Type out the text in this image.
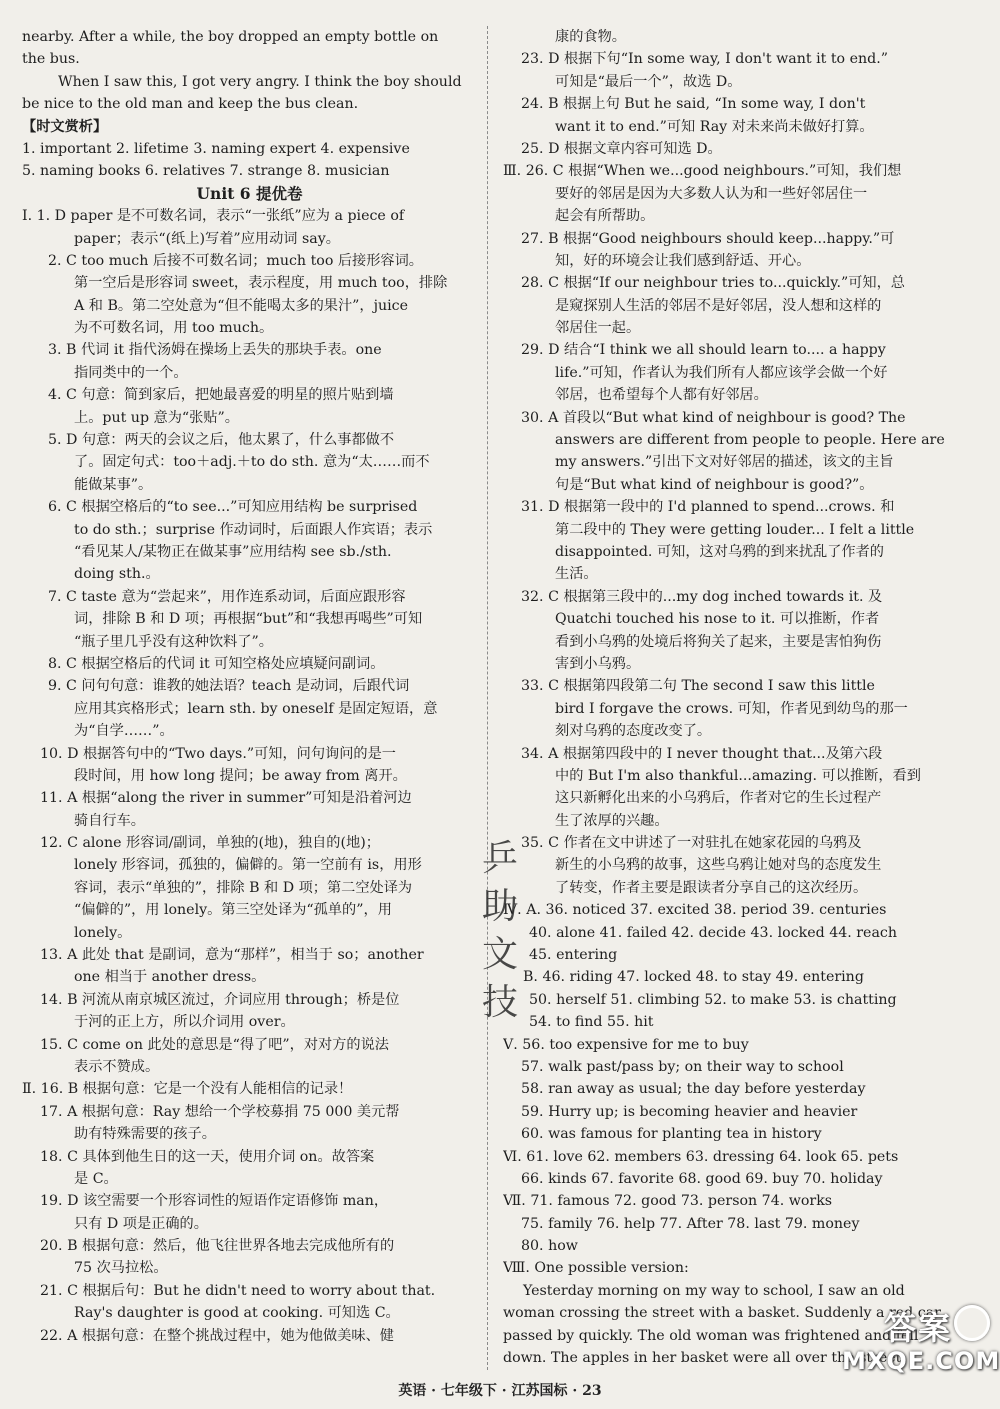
nearby. After a while, the boy dropped an empty bottle on
the bus.
When I saw this, I got very angry. I think the boy should
be nice to the old man and keep the bus clean.
【时文赏析】
1. important 2. lifetime 3. naming expert 4. expensive
5. naming books 6. relatives 7. strange 8. musician
Unit 6 提优卷
Ⅰ. 1. D paper 是不可数名词，表示“一张纸”应为 a piece of
paper；表示“(纸上)写着”应用动词 say。
2. C too much 后接不可数名词；much too 后接形容词。
第一空后是形容词 sweet，表示程度，用 much too，排除
A 和 B。第二空处意为“但不能喝太多的果汁”，juice
为不可数名词，用 too much。
3. B 代词 it 指代汤姆在操场上丢失的那块手表。one
指同类中的一个。
4. C 句意：简到家后，把她最喜爱的明星的照片贴到墙
上。put up 意为“张贴”。
5. D 句意：两天的会议之后，他太累了，什么事都做不
了。固定句式：too＋adj.＋to do sth. 意为“太……而不
能做某事”。
6. C 根据空格后的“to see...”可知应用结构 be surprised
to do sth.；surprise 作动词时，后面跟人作宾语；表示
“看见某人/某物正在做某事”应用结构 see sb./sth.
doing sth.。
7. C taste 意为“尝起来”，用作连系动词，后面应跟形容
词，排除 B 和 D 项；再根据“but”和“我想再喝些”可知
“瓶子里几乎没有这种饮料了”。
8. C 根据空格后的代词 it 可知空格处应填疑问副词。
9. C 问句句意：谁教的她法语？teach 是动词，后跟代词
应用其宾格形式；learn sth. by oneself 是固定短语，意
为“自学……”。
10. D 根据答句中的“Two days.”可知，问句询问的是一
段时间，用 how long 提问；be away from 离开。
11. A 根据“along the river in summer”可知是沿着河边
骑自行车。
12. C alone 形容词/副词，单独的(地)，独自的(地)；
lonely 形容词，孤独的，偏僻的。第一空前有 is，用形
容词，表示“单独的”，排除 B 和 D 项；第二空处译为
“偏僻的”，用 lonely。第三空处译为“孤单的”，用
lonely。
13. A 此处 that 是副词，意为“那样”，相当于 so；another
one 相当于 another dress。
14. B 河流从南京城区流过，介词应用 through；桥是位
于河的正上方，所以介词用 over。
15. C come on 此处的意思是“得了吧”，对对方的说法
表示不赞成。
Ⅱ. 16. B 根据句意：它是一个没有人能相信的记录！
17. A 根据句意：Ray 想给一个学校募捐 75 000 美元帮
助有特殊需要的孩子。
18. C 具体到他生日的这一天，使用介词 on。故答案
是 C。
19. D 该空需要一个形容词性的短语作定语修饰 man，
只有 D 项是正确的。
20. B 根据句意：然后，他飞往世界各地去完成他所有的
75 次马拉松。
21. C 根据后句：But he didn't need to worry about that.
Ray's daughter is good at cooking. 可知选 C。
22. A 根据句意：在整个挑战过程中，她为他做美味、健
康的食物。
23. D 根据下句“In some way, I don't want it to end.”
可知是“最后一个”，故选 D。
24. B 根据上句 But he said, “In some way, I don't
want it to end.”可知 Ray 对未来尚未做好打算。
25. D 根据文章内容可知选 D。
Ⅲ. 26. C 根据“When we...good neighbours.”可知，我们想
要好的邻居是因为大多数人认为和一些好邻居住一
起会有所帮助。
27. B 根据“Good neighbours should keep...happy.”可
知，好的环境会让我们感到舒适、开心。
28. C 根据“If our neighbour tries to...quickly.”可知，总
是窥探别人生活的邻居不是好邻居，没人想和这样的
邻居住一起。
29. D 结合“I think we all should learn to.... a happy
life.”可知，作者认为我们所有人都应该学会做一个好
邻居，也希望每个人都有好邻居。
30. A 首段以“But what kind of neighbour is good? The
answers are different from people to people. Here are
my answers.”引出下文对好邻居的描述，该文的主旨
句是“But what kind of neighbour is good?”。
31. D 根据第一段中的 I'd planned to spend...crows. 和
第二段中的 They were getting louder... I felt a little
disappointed. 可知，这对乌鸦的到来扰乱了作者的
生活。
32. C 根据第三段中的...my dog inched towards it. 及
Quatchi touched his nose to it. 可以推断，作者
看到小乌鸦的处境后将狗关了起来，主要是害怕狗伤
害到小乌鸦。
33. C 根据第四段第二句 The second I saw this little
bird I forgave the crows. 可知，作者见到幼鸟的那一
刻对乌鸦的态度改变了。
34. A 根据第四段中的 I never thought that...及第六段
中的 But I'm also thankful...amazing. 可以推断，看到
这只新孵化出来的小乌鸦后，作者对它的生长过程产
生了浓厚的兴趣。
35. C 作者在文中讲述了一对驻扎在她家花园的乌鸦及
新生的小乌鸦的故事，这些乌鸦让她对鸟的态度发生
了转变，作者主要是跟读者分享自己的这次经历。
Ⅳ. A. 36. noticed 37. excited 38. period 39. centuries
40. alone 41. failed 42. decide 43. locked 44. reach
45. entering
B. 46. riding 47. locked 48. to stay 49. entering
50. herself 51. climbing 52. to make 53. is chatting
54. to find 55. hit
Ⅴ. 56. too expensive for me to buy
57. walk past/pass by; on their way to school
58. ran away as usual; the day before yesterday
59. Hurry up; is becoming heavier and heavier
60. was famous for planting tea in history
Ⅵ. 61. love 62. members 63. dressing 64. look 65. pets
66. kinds 67. favorite 68. good 69. buy 70. holiday
Ⅶ. 71. famous 72. good 73. person 74. works
75. family 76. help 77. After 78. last 79. money
80. how
Ⅷ. One possible version:
Yesterday morning on my way to school, I saw an old
woman crossing the street with a basket. Suddenly a red car
passed by quickly. The old woman was frightened and fell
down. The apples in her basket were all over the street.
乒
助
文
技
英语 · 七年级下 · 江苏国标 · 23
答案
MXQE.COM
